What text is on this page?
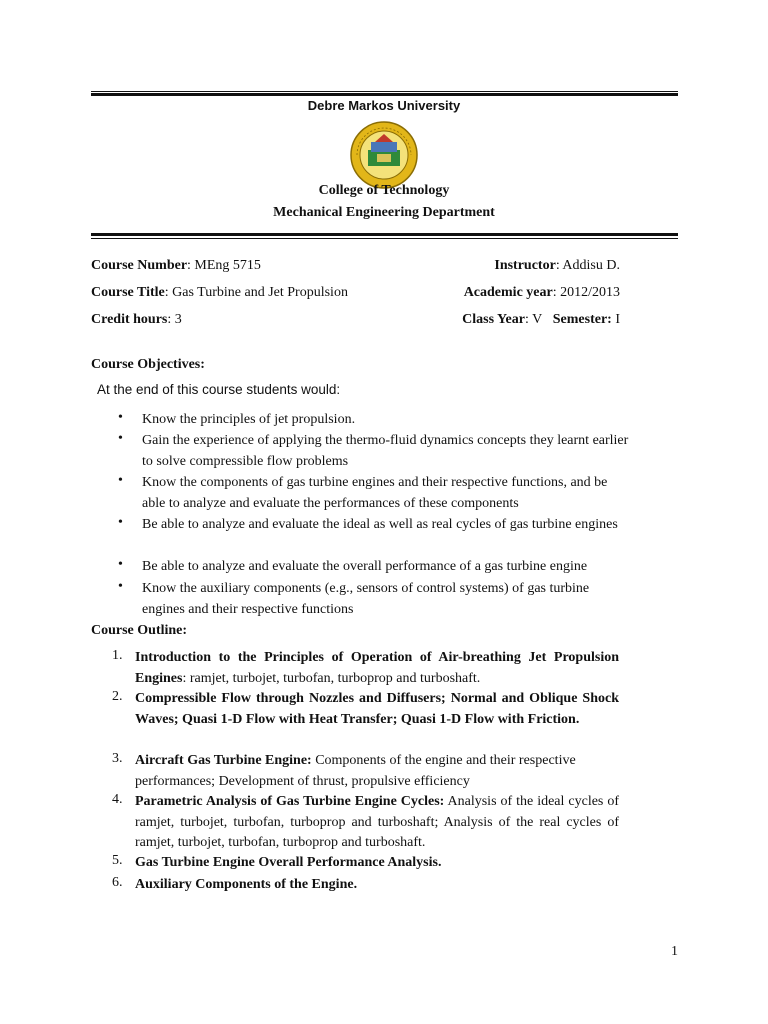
Debre Markos University
College of Technology
Mechanical Engineering Department
Course Number: MEng 5715	Instructor: Addisu D.
Course Title: Gas Turbine and Jet Propulsion	Academic year: 2012/2013
Credit hours: 3	Class Year: V Semester: I
Course Objectives:
At the end of this course students would:
• Know the principles of jet propulsion.
• Gain the experience of applying the thermo-fluid dynamics concepts they learnt earlier to solve compressible flow problems
• Know the components of gas turbine engines and their respective functions, and be able to analyze and evaluate the performances of these components
• Be able to analyze and evaluate the ideal as well as real cycles of gas turbine engines
• Be able to analyze and evaluate the overall performance of a gas turbine engine
• Know the auxiliary components (e.g., sensors of control systems) of gas turbine engines and their respective functions
Course Outline:
1. Introduction to the Principles of Operation of Air-breathing Jet Propulsion Engines: ramjet, turbojet, turbofan, turboprop and turboshaft.
2. Compressible Flow through Nozzles and Diffusers; Normal and Oblique Shock Waves; Quasi 1-D Flow with Heat Transfer; Quasi 1-D Flow with Friction.
3. Aircraft Gas Turbine Engine: Components of the engine and their respective performances; Development of thrust, propulsive efficiency
4. Parametric Analysis of Gas Turbine Engine Cycles: Analysis of the ideal cycles of ramjet, turbojet, turbofan, turboprop and turboshaft; Analysis of the real cycles of ramjet, turbojet, turbofan, turboprop and turboshaft.
5. Gas Turbine Engine Overall Performance Analysis.
6. Auxiliary Components of the Engine.
1
